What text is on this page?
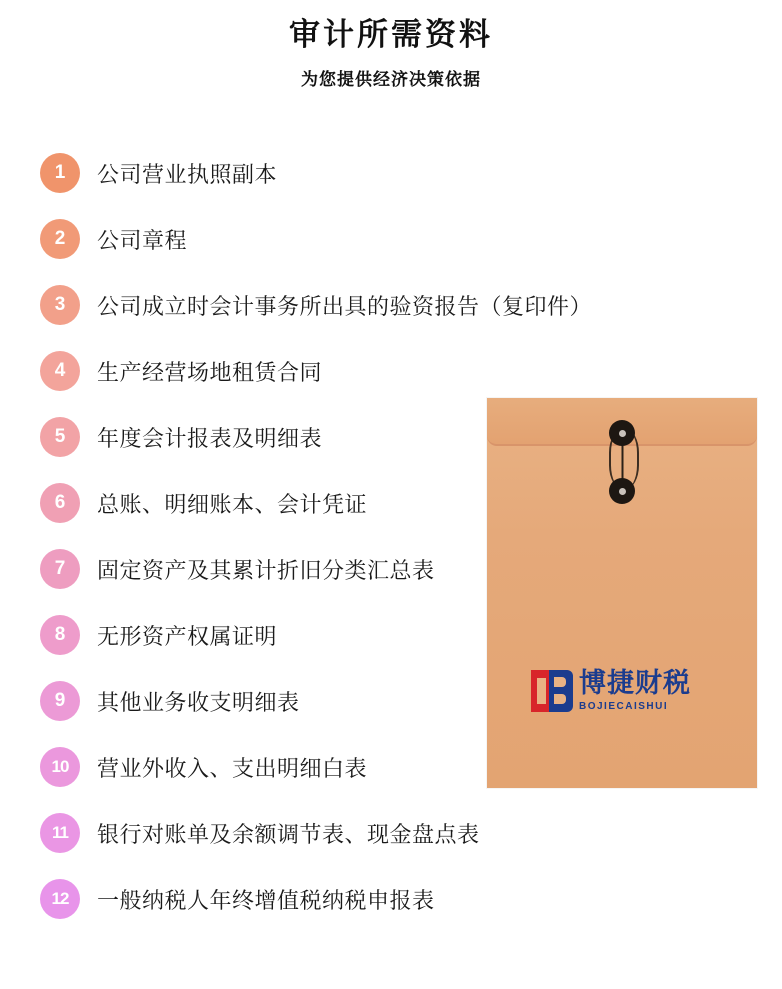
审计所需资料
为您提供经济决策依据
1	公司营业执照副本
2	公司章程
3	公司成立时会计事务所出具的验资报告（复印件）
4	生产经营场地租赁合同
5	年度会计报表及明细表
6	总账、明细账本、会计凭证
7	固定资产及其累计折旧分类汇总表
8	无形资产权属证明
9	其他业务收支明细表
10	营业外收入、支出明细白表
11	银行对账单及余额调节表、现金盘点表
12	一般纳税人年终增值税纳税申报表
博捷财税
BOJIECAISHUI
